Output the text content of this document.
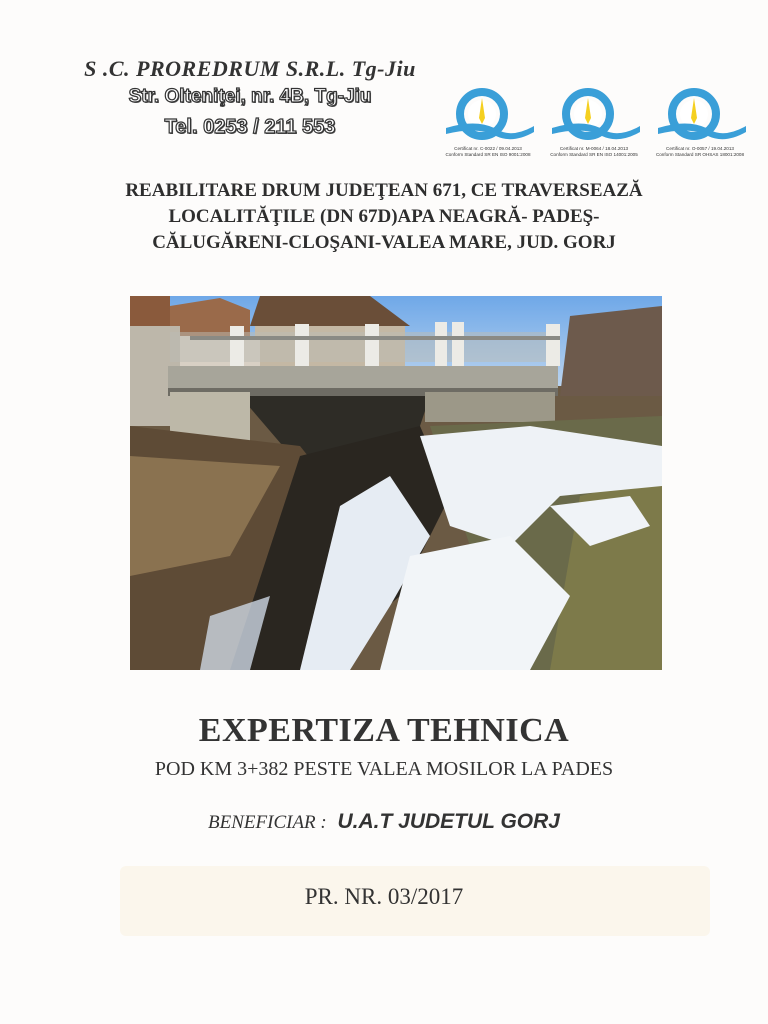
S .C. PROREDRUM S.R.L. Tg-Jiu
Str. Olteniţei, nr. 4B, Tg-Jiu
Tel. 0253 / 211 553
Certificat nr. C-0022 / 09.04.2013
Conform Standard SR EN ISO 9001:2008
Certificat nr. M-0064 / 18.04.2013
Conform Standard SR EN ISO 14001:2005
Certificat nr. O-0057 / 19.04.2013
Conform Standard SR OHSAS 18001:2008
REABILITARE DRUM JUDEŢEAN 671, CE TRAVERSEAZĂ
LOCALITĂŢILE (DN 67D)APA NEAGRĂ- PADEŞ-
CĂLUGĂRENI-CLOŞANI-VALEA MARE, JUD. GORJ
EXPERTIZA TEHNICA
POD KM 3+382 PESTE VALEA MOSILOR LA PADES
BENEFICIAR : U.A.T JUDETUL GORJ
PR. NR. 03/2017
